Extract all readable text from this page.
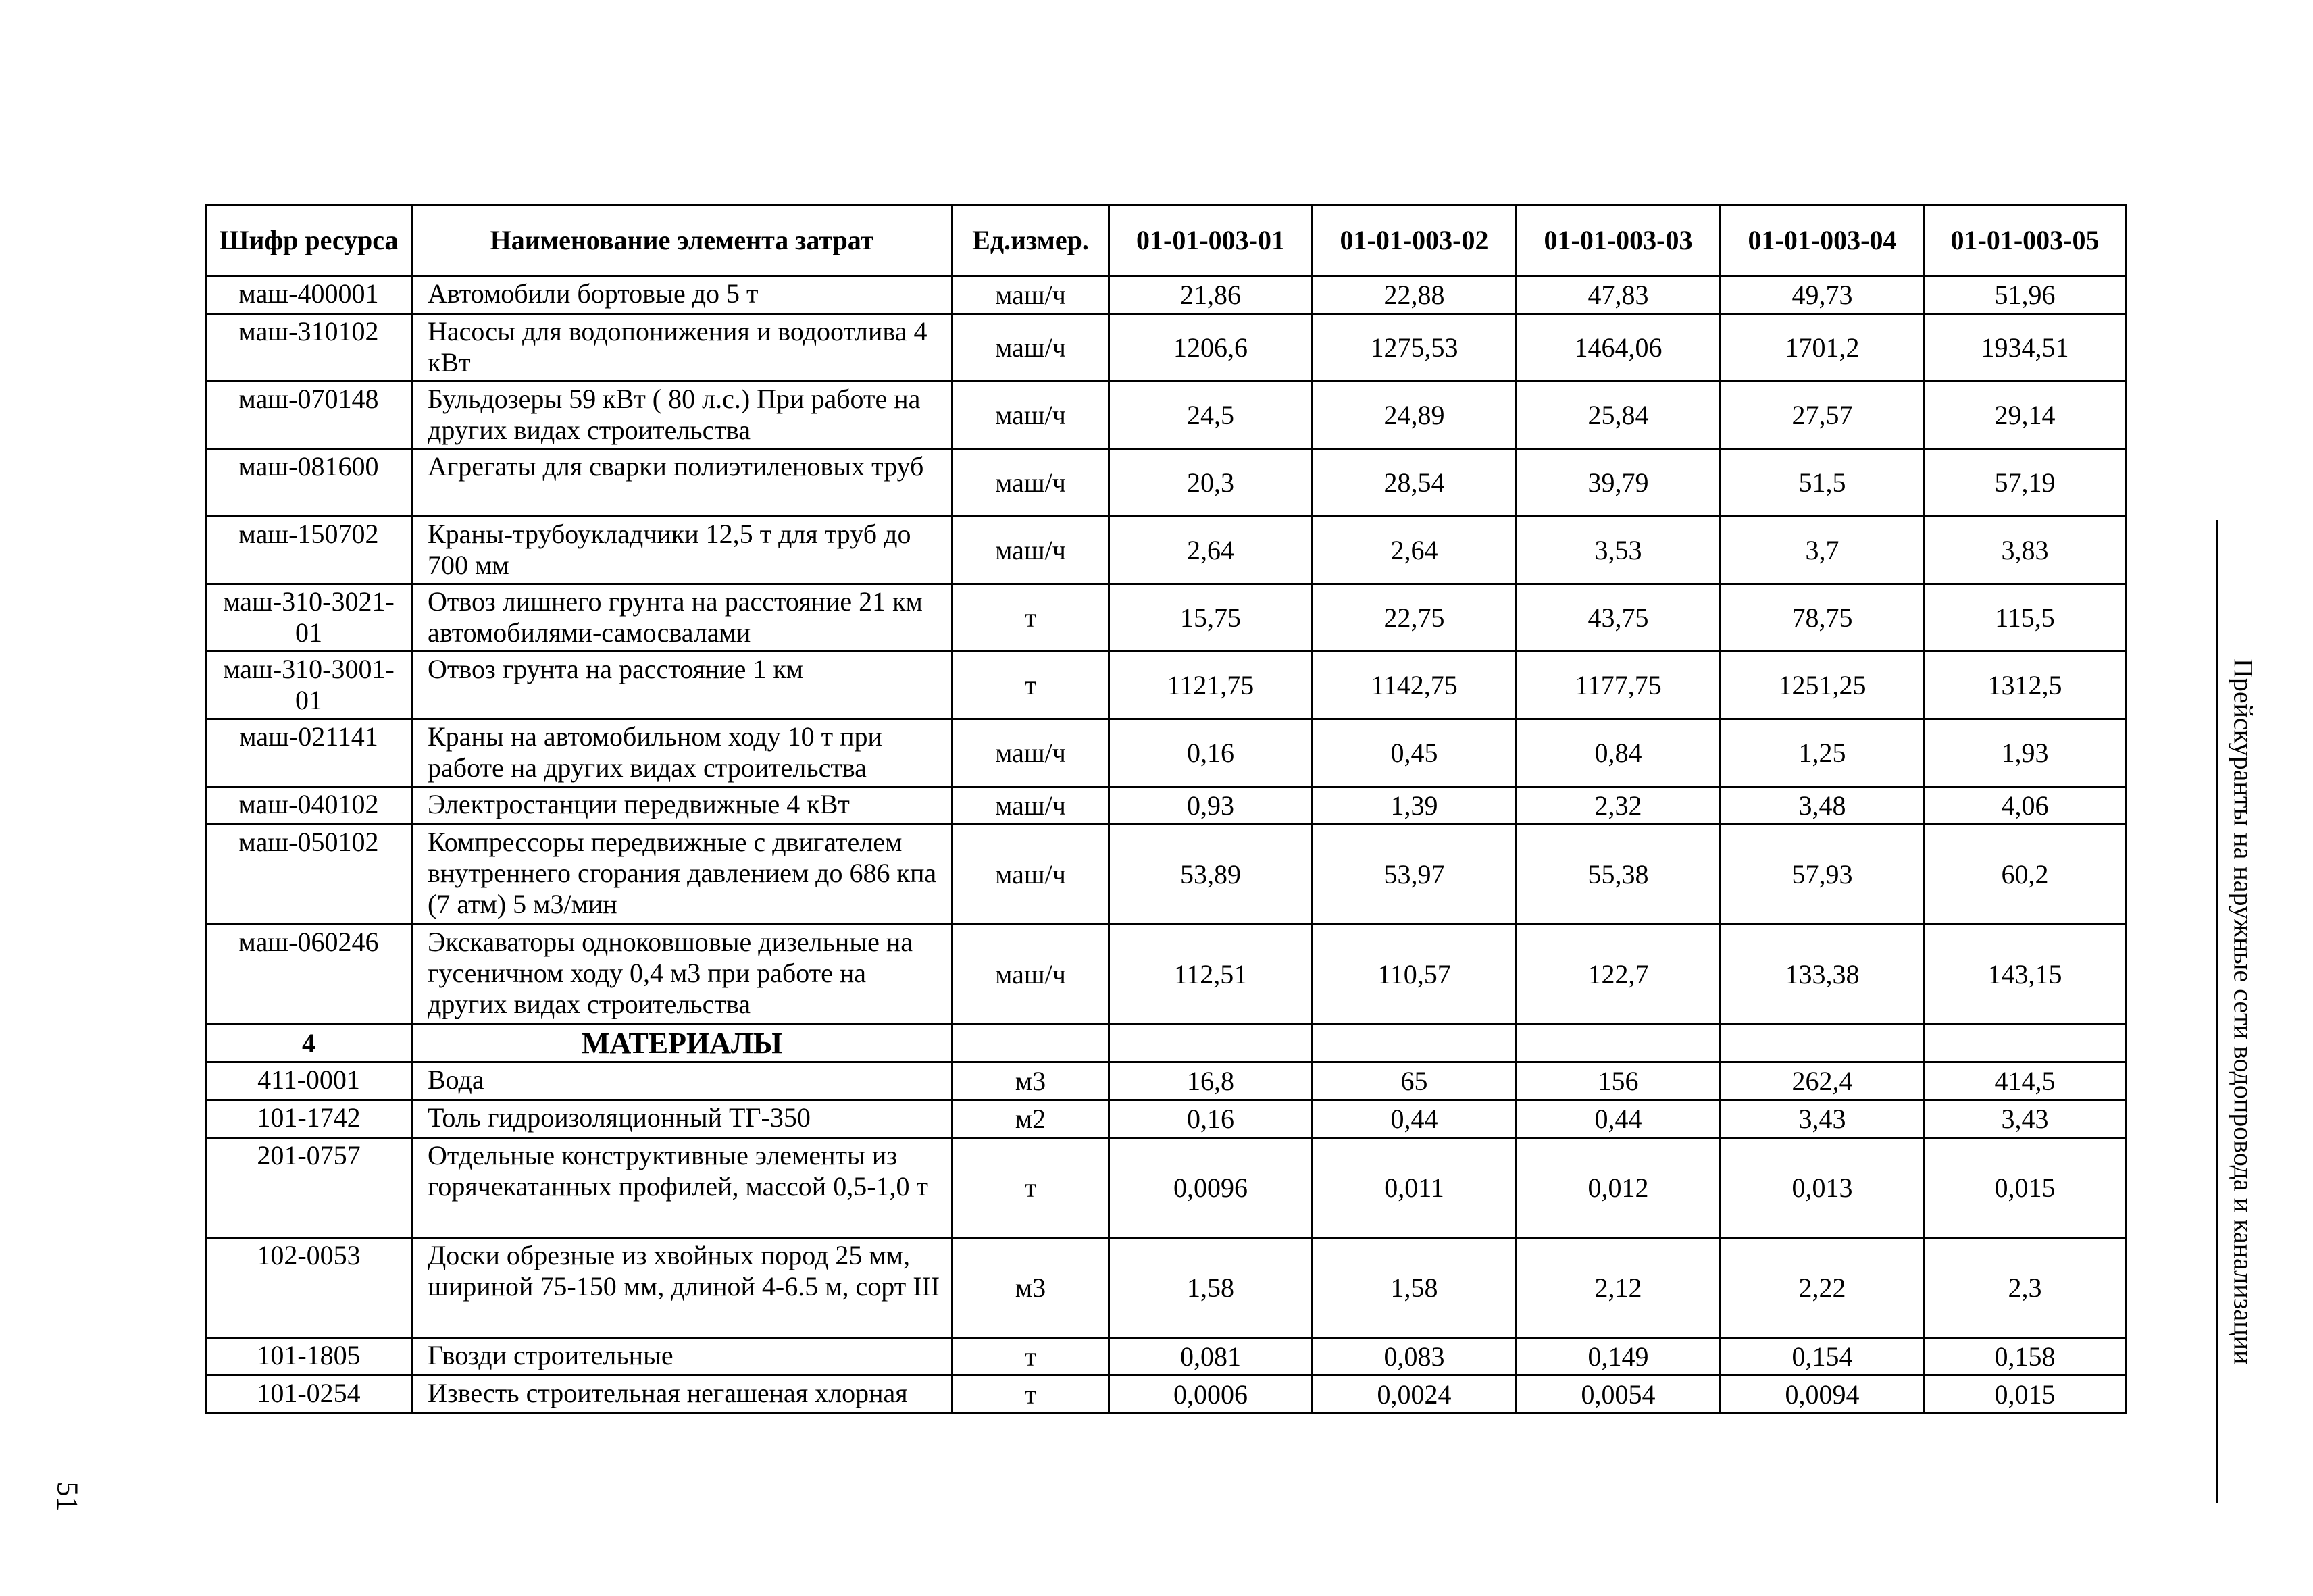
Шифр ресурса	Наименование элемента затрат	Ед.измер.	01-01-003-01	01-01-003-02	01-01-003-03	01-01-003-04	01-01-003-05
маш-400001	Автомобили бортовые до 5 т	маш/ч	21,86	22,88	47,83	49,73	51,96
маш-310102	Насосы для водопонижения и водоотлива 4 кВт	маш/ч	1206,6	1275,53	1464,06	1701,2	1934,51
маш-070148	Бульдозеры 59 кВт ( 80 л.с.) При работе на других видах строительства	маш/ч	24,5	24,89	25,84	27,57	29,14
маш-081600	Агрегаты для сварки полиэтиленовых труб	маш/ч	20,3	28,54	39,79	51,5	57,19
маш-150702	Краны-трубоукладчики 12,5 т для труб до 700 мм	маш/ч	2,64	2,64	3,53	3,7	3,83
маш-310-3021-01	Отвоз лишнего грунта на расстояние 21 км автомобилями-самосвалами	т	15,75	22,75	43,75	78,75	115,5
маш-310-3001-01	Отвоз грунта на расстояние 1 км	т	1121,75	1142,75	1177,75	1251,25	1312,5
маш-021141	Краны на автомобильном ходу 10 т при работе на других видах строительства	маш/ч	0,16	0,45	0,84	1,25	1,93
маш-040102	Электростанции передвижные 4 кВт	маш/ч	0,93	1,39	2,32	3,48	4,06
маш-050102	Компрессоры передвижные с двигателем внутреннего сгорания давлением до 686 кпа (7 атм) 5 м3/мин	маш/ч	53,89	53,97	55,38	57,93	60,2
маш-060246	Экскаваторы одноковшовые дизельные на гусеничном ходу 0,4 м3 при работе на других видах строительства	маш/ч	112,51	110,57	122,7	133,38	143,15
4	МАТЕРИАЛЫ						
411-0001	Вода	м3	16,8	65	156	262,4	414,5
101-1742	Толь гидроизоляционный ТГ-350	м2	0,16	0,44	0,44	3,43	3,43
201-0757	Отдельные конструктивные элементы из горячекатанных профилей, массой 0,5-1,0 т	т	0,0096	0,011	0,012	0,013	0,015
102-0053	Доски обрезные из хвойных пород 25 мм, шириной 75-150 мм, длиной 4-6.5 м, сорт III	м3	1,58	1,58	2,12	2,22	2,3
101-1805	Гвозди строительные	т	0,081	0,083	0,149	0,154	0,158
101-0254	Известь строительная негашеная хлорная	т	0,0006	0,0024	0,0054	0,0094	0,015
Прейскуранты на наружные сети водопровода и канализации
51
